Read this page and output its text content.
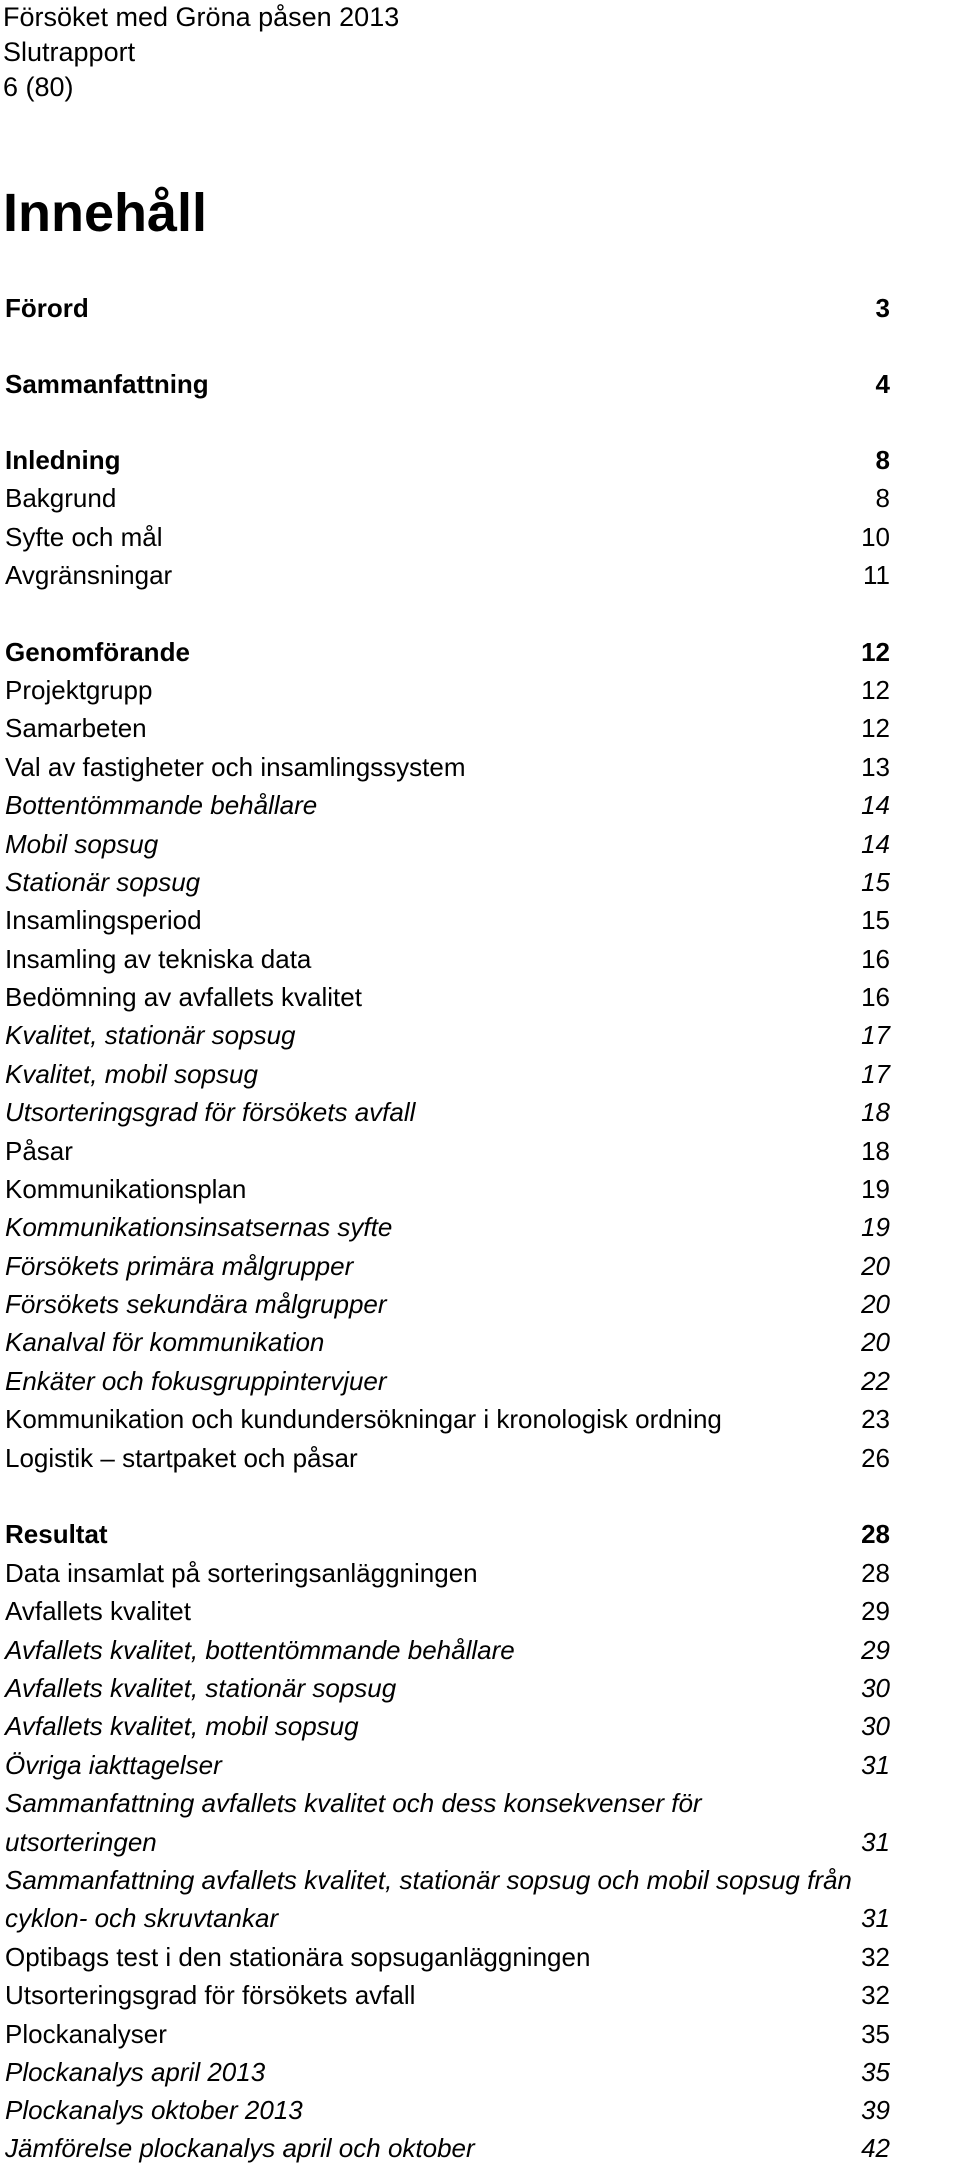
Försöket med Gröna påsen 2013
Slutrapport
6 (80)
Innehåll
Förord	3
Sammanfattning	4
Inledning	8
Bakgrund	8
Syfte och mål	10
Avgränsningar	11
Genomförande	12
Projektgrupp	12
Samarbeten	12
Val av fastigheter och insamlingssystem	13
Bottentömmande behållare	14
Mobil sopsug	14
Stationär sopsug	15
Insamlingsperiod	15
Insamling av tekniska data	16
Bedömning av avfallets kvalitet	16
Kvalitet, stationär sopsug	17
Kvalitet, mobil sopsug	17
Utsorteringsgrad för försökets avfall	18
Påsar	18
Kommunikationsplan	19
Kommunikationsinsatsernas syfte	19
Försökets primära målgrupper	20
Försökets sekundära målgrupper	20
Kanalval för kommunikation	20
Enkäter och fokusgruppintervjuer	22
Kommunikation och kundundersökningar i kronologisk ordning	23
Logistik – startpaket och påsar	26
Resultat	28
Data insamlat på sorteringsanläggningen	28
Avfallets kvalitet	29
Avfallets kvalitet, bottentömmande behållare	29
Avfallets kvalitet, stationär sopsug	30
Avfallets kvalitet, mobil sopsug	30
Övriga iakttagelser	31
Sammanfattning avfallets kvalitet och dess konsekvenser för
utsorteringen	31
Sammanfattning avfallets kvalitet, stationär sopsug och mobil sopsug från
cyklon- och skruvtankar	31
Optibags test i den stationära sopsuganläggningen	32
Utsorteringsgrad för försökets avfall	32
Plockanalyser	35
Plockanalys april 2013	35
Plockanalys oktober 2013	39
Jämförelse plockanalys april och oktober	42
